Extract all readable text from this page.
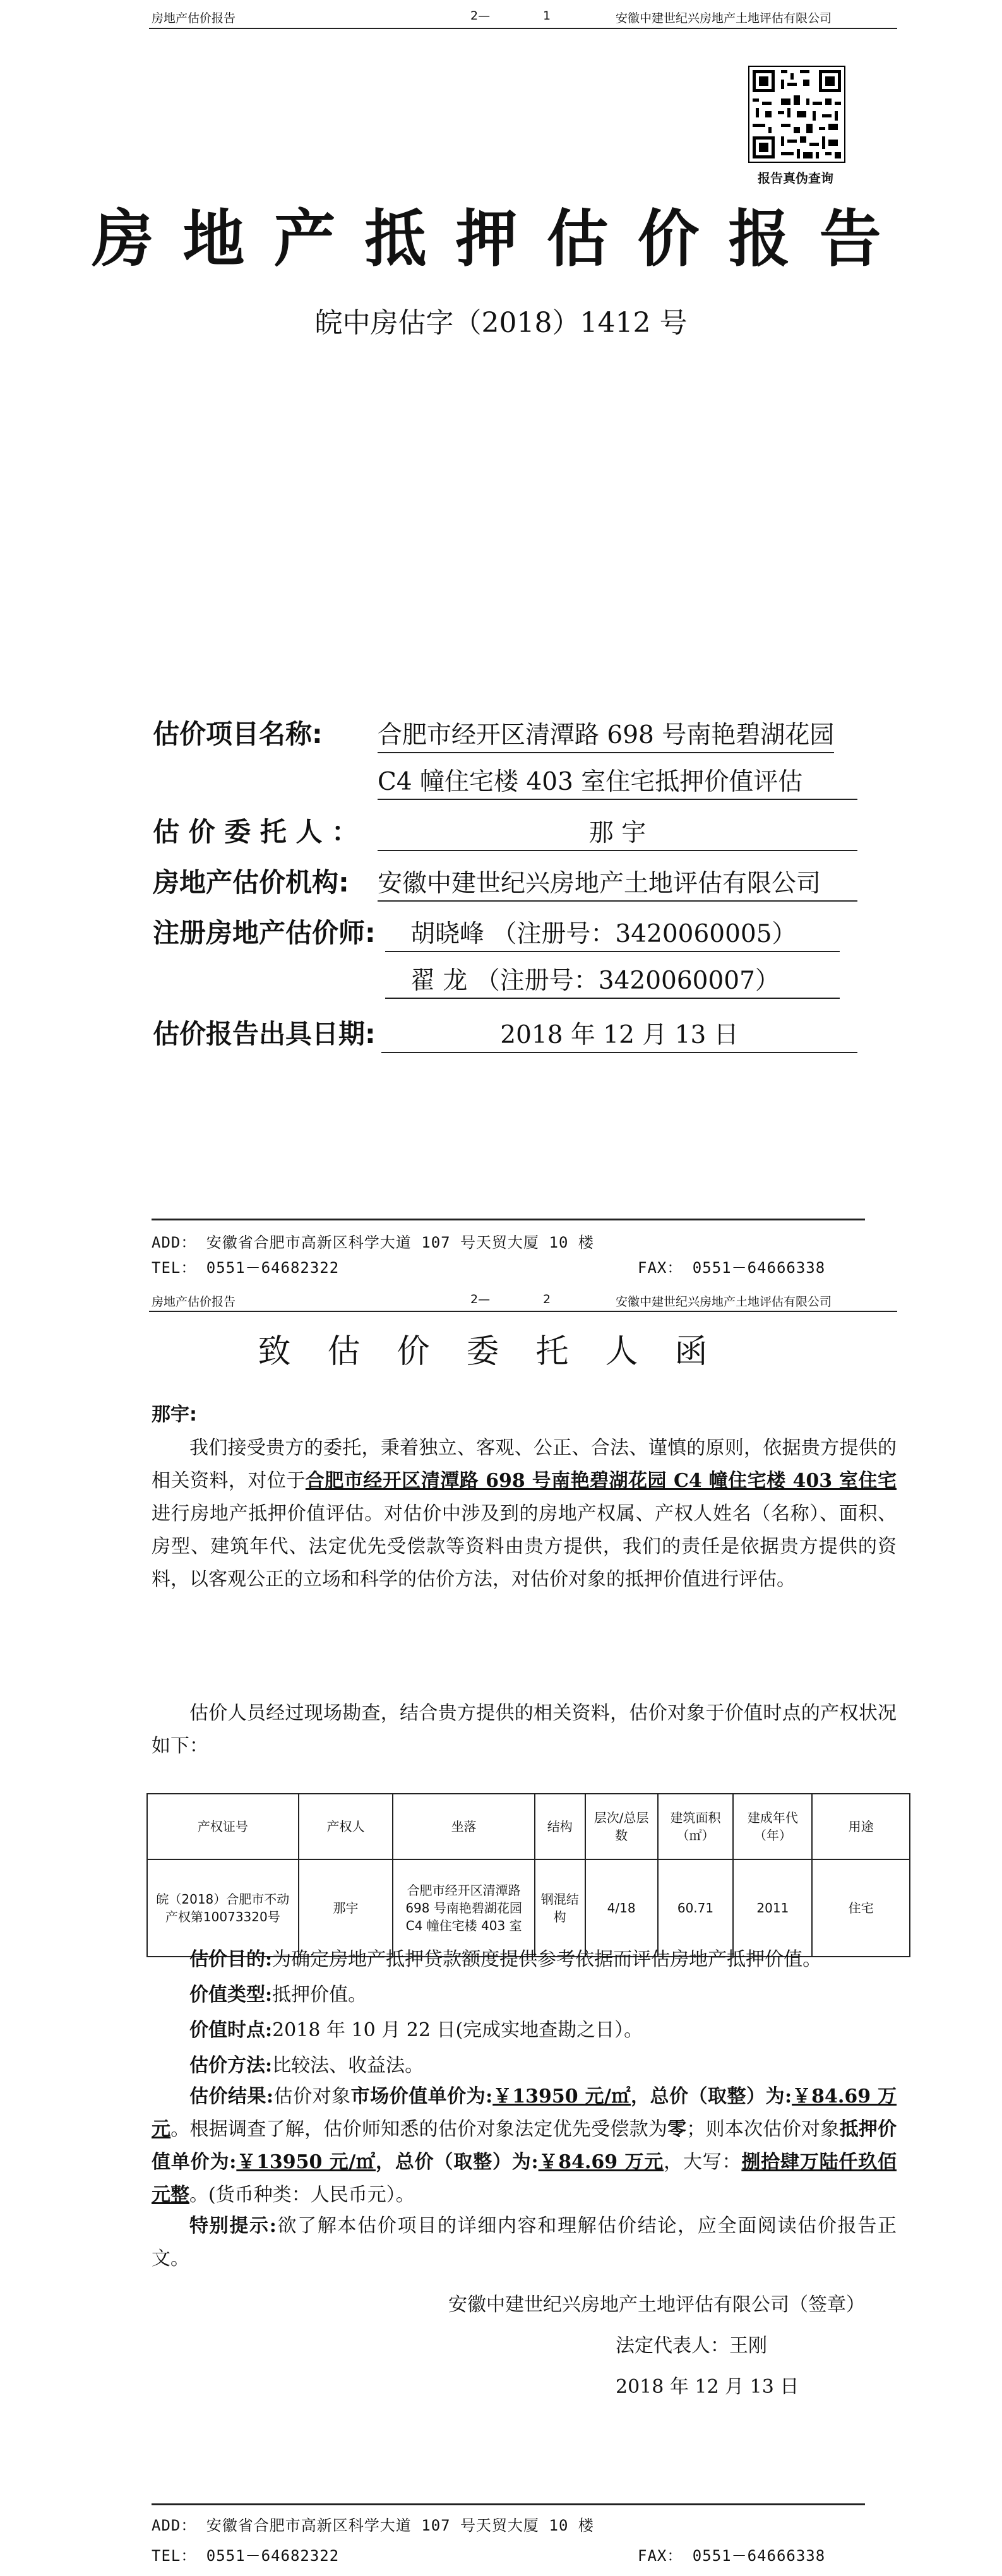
房地产估价报告	2—	1	安徽中建世纪兴房地产土地评估有限公司
报告真伪查询
房地产抵押估价报告
皖中房估字（2018）1412 号
估价项目名称: 合肥市经开区清潭路 698 号南艳碧湖花园
C4 幢住宅楼 403 室住宅抵押价值评估
估 价 委 托 人 ：	那 宇
房地产估价机构: 安徽中建世纪兴房地产土地评估有限公司
注册房地产估价师:	胡晓峰 （注册号：3420060005）
翟 龙 （注册号：3420060007）
估价报告出具日期:	2018 年 12 月 13 日
ADD： 安徽省合肥市高新区科学大道 107 号天贸大厦 10 楼
TEL： 0551－64682322	FAX： 0551－64666338
房地产估价报告	2—	2	安徽中建世纪兴房地产土地评估有限公司
致估价委托人函
那宇:
我们接受贵方的委托，秉着独立、客观、公正、合法、谨慎的原则，依据贵方提供的相关资料，对位于合肥市经开区清潭路 698 号南艳碧湖花园 C4 幢住宅楼 403 室住宅进行房地产抵押价值评估。对估价中涉及到的房地产权属、产权人姓名（名称）、面积、房型、建筑年代、法定优先受偿款等资料由贵方提供，我们的责任是依据贵方提供的资料，以客观公正的立场和科学的估价方法，对估价对象的抵押价值进行评估。
估价人员经过现场勘查，结合贵方提供的相关资料，估价对象于价值时点的产权状况如下：
产权证号	产权人	坐落	结构	层次/总层数	建筑面积（㎡）	建成年代（年）	用途
皖（2018）合肥市不动产权第10073320号	那宇	合肥市经开区清潭路 698 号南艳碧湖花园 C4 幢住宅楼 403 室	钢混结构	4/18	60.71	2011	住宅
估价目的:为确定房地产抵押贷款额度提供参考依据而评估房地产抵押价值。
价值类型:抵押价值。
价值时点:2018 年 10 月 22 日(完成实地查勘之日）。
估价方法:比较法、收益法。
估价结果:估价对象市场价值单价为:￥13950 元/㎡，总价（取整）为:￥84.69 万元。根据调查了解，估价师知悉的估价对象法定优先受偿款为零；则本次估价对象抵押价值单价为:￥13950 元/㎡，总价（取整）为:￥84.69 万元，大写：捌拾肆万陆仟玖佰元整。(货币种类：人民币元）。
特别提示:欲了解本估价项目的详细内容和理解估价结论，应全面阅读估价报告正文。
安徽中建世纪兴房地产土地评估有限公司（签章）
法定代表人：王刚
2018 年 12 月 13 日
ADD： 安徽省合肥市高新区科学大道 107 号天贸大厦 10 楼
TEL： 0551－64682322	FAX： 0551－64666338
